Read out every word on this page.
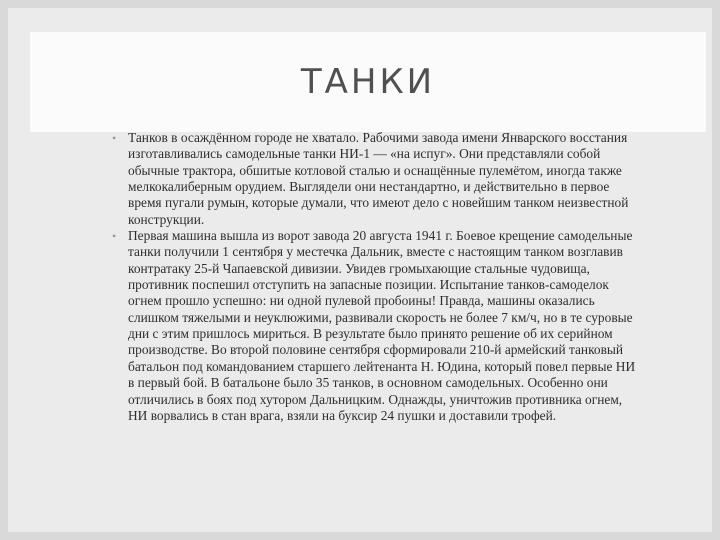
ТАНКИ
• Танков в осаждённом городе не хватало. Рабочими завода имени Январского восстания изготавливались самодельные танки НИ-1 — «на испуг». Они представляли собой обычные трактора, обшитые котловой сталью и оснащённые пулемётом, иногда также мелкокалиберным орудием. Выглядели они нестандартно, и действительно в первое время пугали румын, которые думали, что имеют дело с новейшим танком неизвестной конструкции.
• Первая машина вышла из ворот завода 20 августа 1941 г. Боевое крещение самодельные танки получили 1 сентября у местечка Дальник, вместе с настоящим танком возглавив контратаку 25-й Чапаевской дивизии. Увидев громыхающие стальные чудовища, противник поспешил отступить на запасные позиции. Испытание танков-самоделок огнем прошло успешно: ни одной пулевой пробоины! Правда, машины оказались слишком тяжелыми и неуклюжими, развивали скорость не более 7 км/ч, но в те суровые дни с этим пришлось мириться. В результате было принято решение об их серийном производстве. Во второй половине сентября сформировали 210-й армейский танковый батальон под командованием старшего лейтенанта Н. Юдина, который повел первые НИ в первый бой. В батальоне было 35 танков, в основном самодельных. Особенно они отличились в боях под хутором Дальницким. Однажды, уничтожив противника огнем, НИ ворвались в стан врага, взяли на буксир 24 пушки и доставили трофей.
